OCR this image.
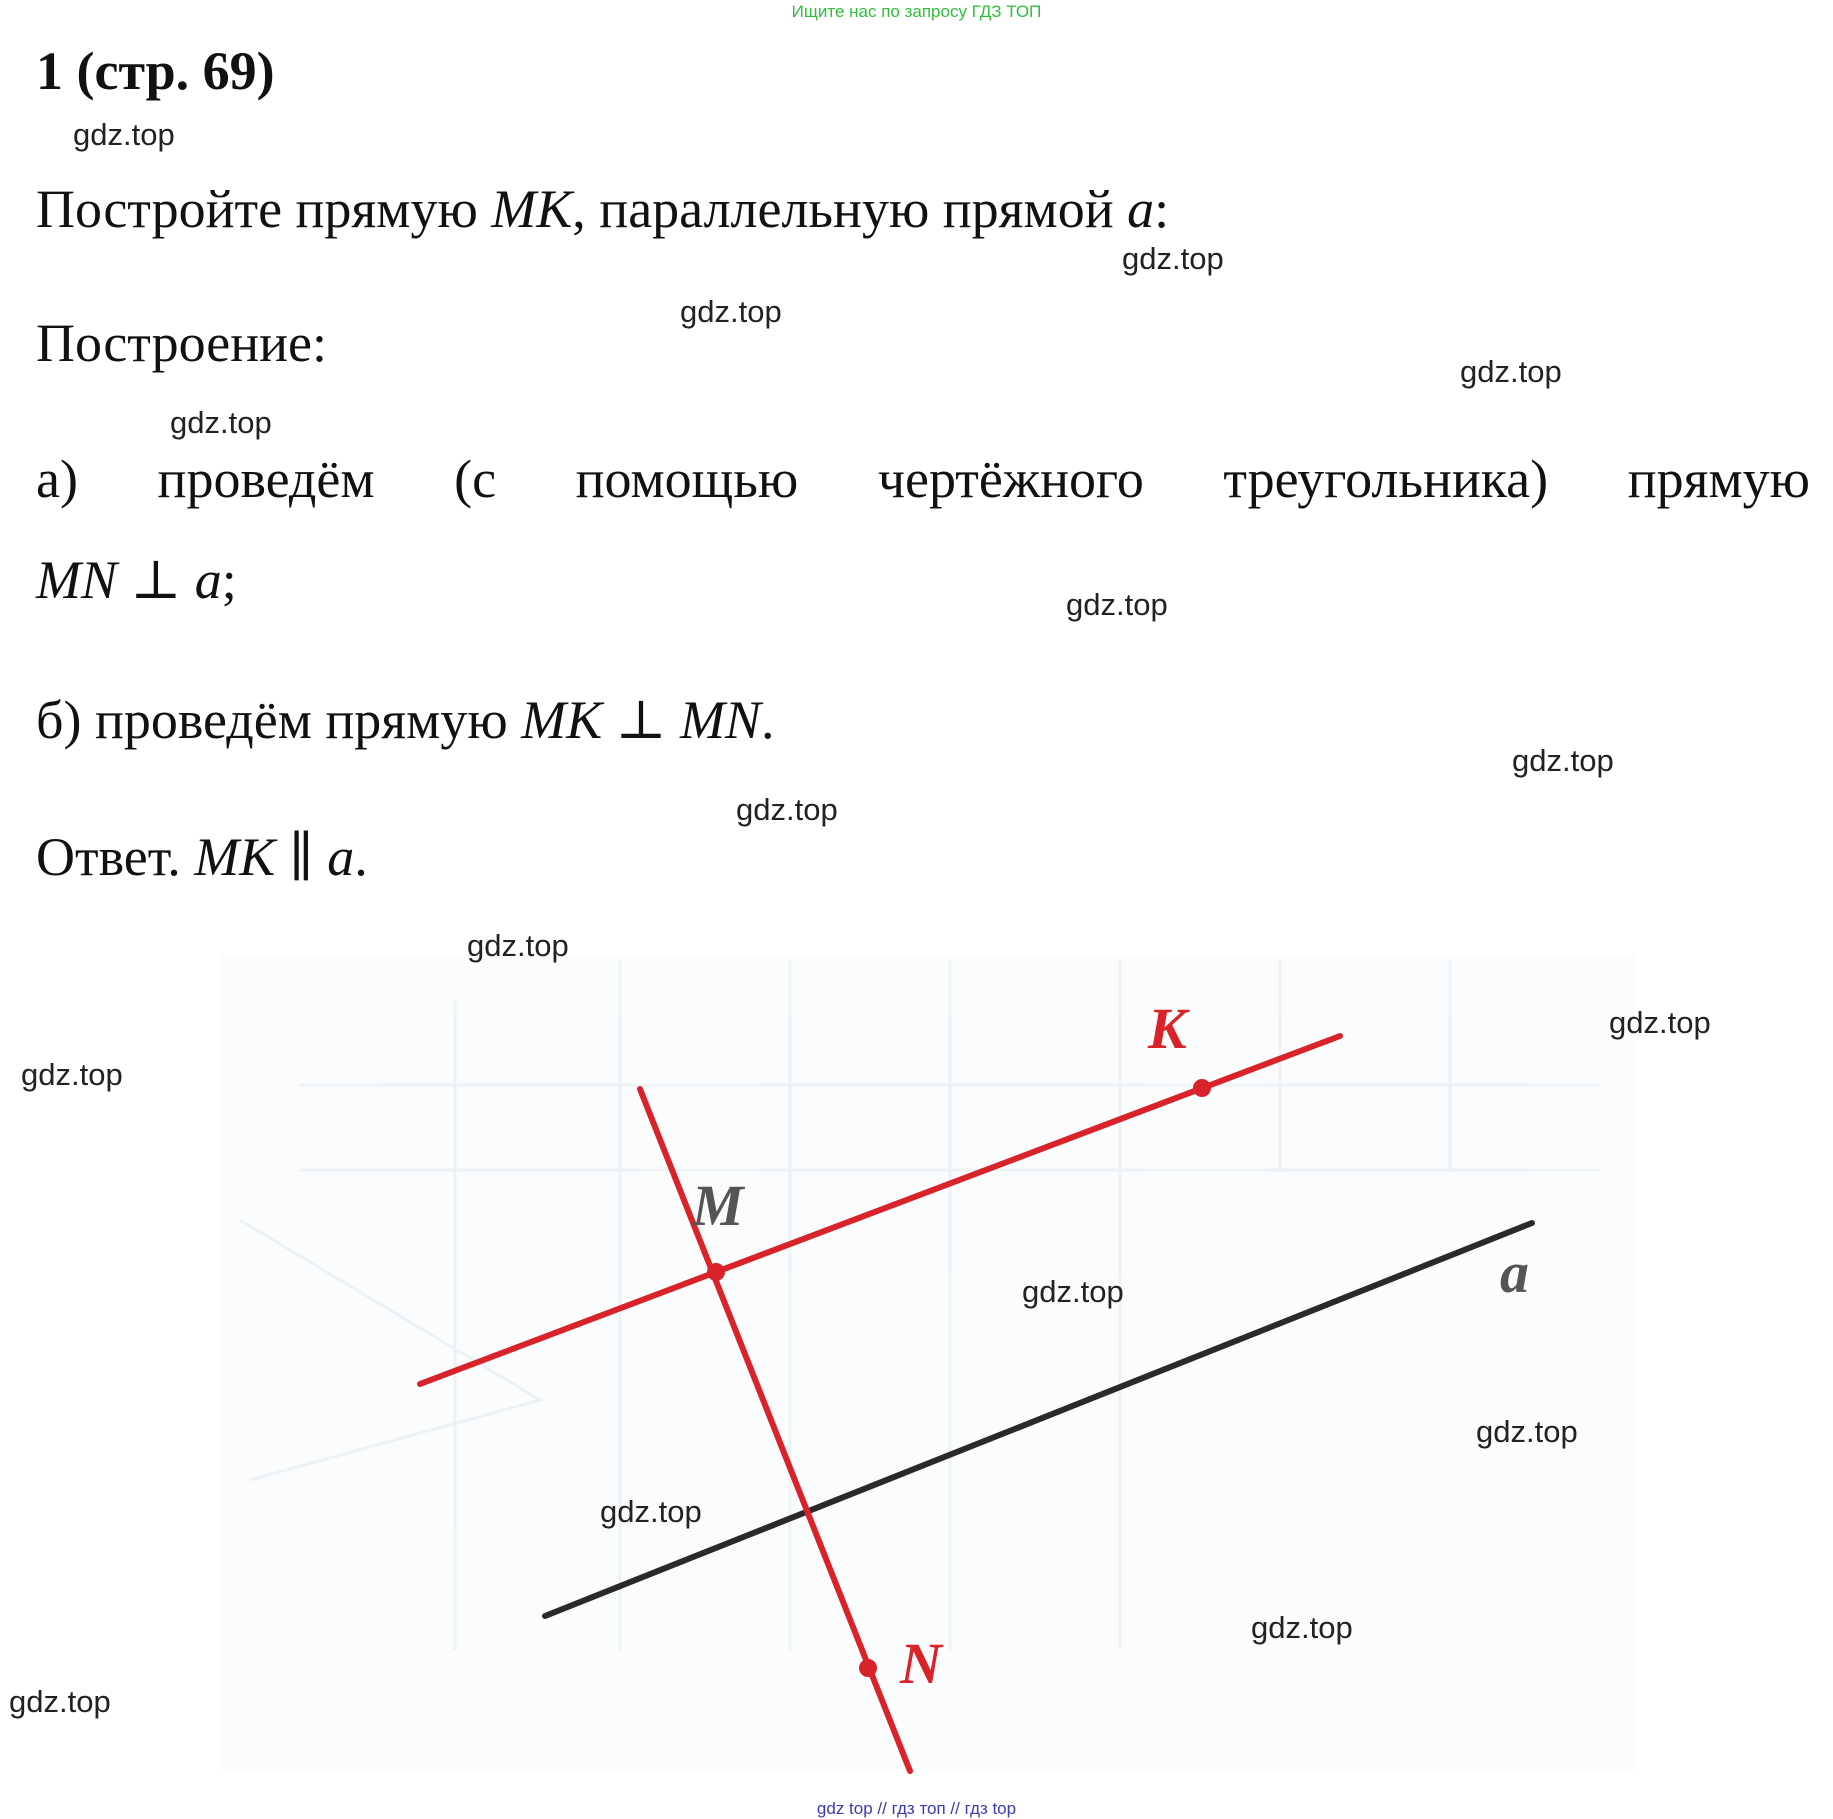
Ищите нас по запросу ГДЗ ТОП
1 (стр. 69)
Постройте прямую MK, параллельную прямой a:
Построение:
а) проведём (с помощью чертёжного треугольника) прямую
MN ⊥ a;
б) проведём прямую MK ⊥ MN.
Ответ. MK ∥ a.
K
M
N
a
gdz.top
gdz.top
gdz.top
gdz.top
gdz.top
gdz.top
gdz.top
gdz.top
gdz.top
gdz.top
gdz.top
gdz.top
gdz.top
gdz.top
gdz.top
gdz.top
gdz top // гдз топ // гдз top
